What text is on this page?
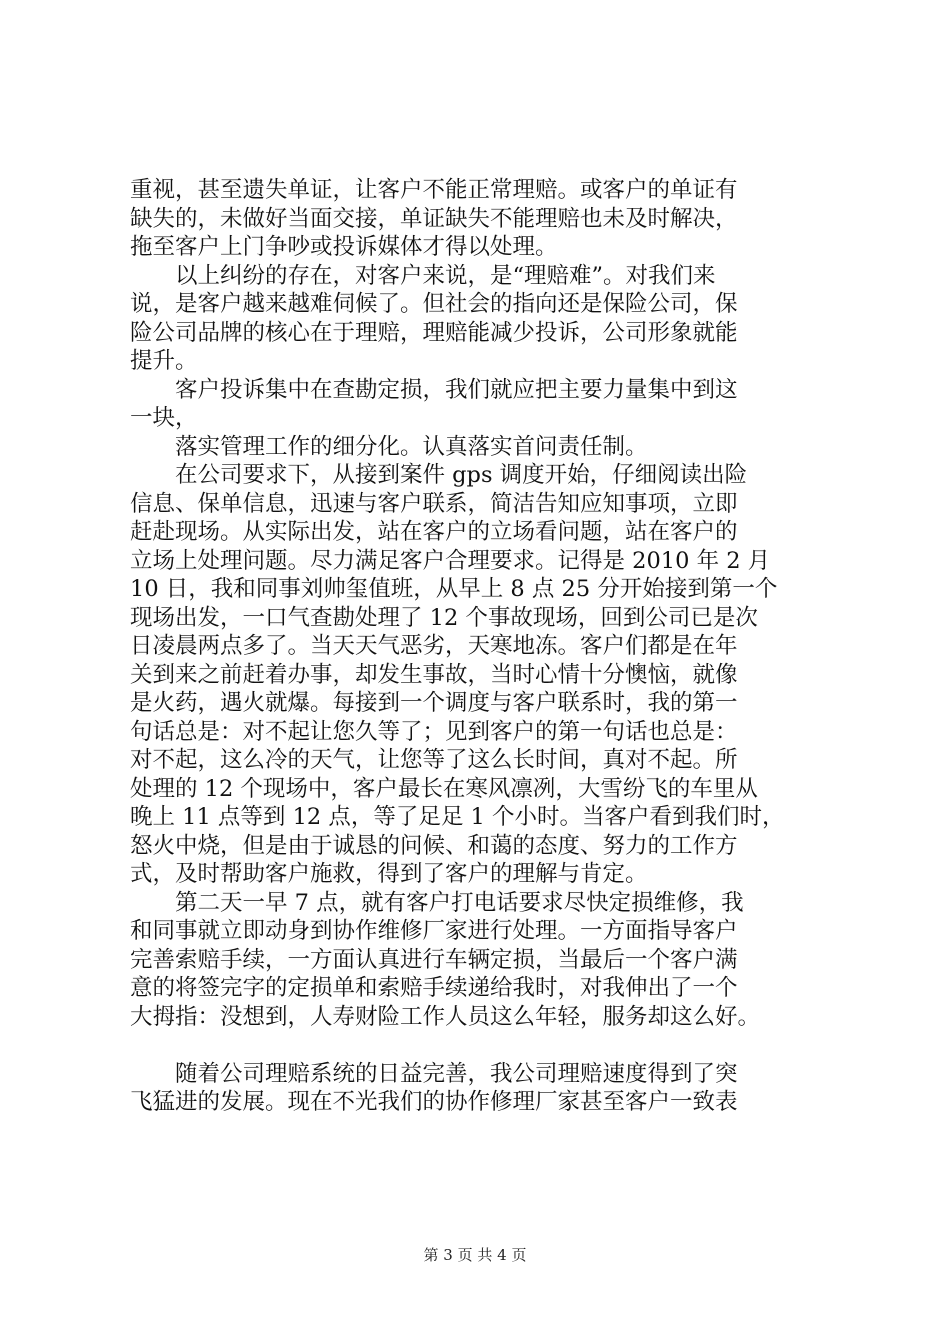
重视，甚至遗失单证，让客户不能正常理赔。或客户的单证有
缺失的，未做好当面交接，单证缺失不能理赔也未及时解决，
拖至客户上门争吵或投诉媒体才得以处理。
　　以上纠纷的存在，对客户来说，是“理赔难”。对我们来
说，是客户越来越难伺候了。但社会的指向还是保险公司，保
险公司品牌的核心在于理赔，理赔能减少投诉，公司形象就能
提升。
　　客户投诉集中在查勘定损，我们就应把主要力量集中到这
一块，
　　落实管理工作的细分化。认真落实首问责任制。
　　在公司要求下，从接到案件 gps 调度开始，仔细阅读出险
信息、保单信息，迅速与客户联系，简洁告知应知事项，立即
赶赴现场。从实际出发，站在客户的立场看问题，站在客户的
立场上处理问题。尽力满足客户合理要求。记得是 2010 年 2 月
10 日，我和同事刘帅玺值班，从早上 8 点 25 分开始接到第一个
现场出发，一口气查勘处理了 12 个事故现场，回到公司已是次
日凌晨两点多了。当天天气恶劣，天寒地冻。客户们都是在年
关到来之前赶着办事，却发生事故，当时心情十分懊恼，就像
是火药，遇火就爆。每接到一个调度与客户联系时，我的第一
句话总是：对不起让您久等了；见到客户的第一句话也总是：
对不起，这么冷的天气，让您等了这么长时间，真对不起。所
处理的 12 个现场中，客户最长在寒风凛冽，大雪纷飞的车里从
晚上 11 点等到 12 点，等了足足 1 个小时。当客户看到我们时，
怒火中烧，但是由于诚恳的问候、和蔼的态度、努力的工作方
式，及时帮助客户施救，得到了客户的理解与肯定。
　　第二天一早 7 点，就有客户打电话要求尽快定损维修，我
和同事就立即动身到协作维修厂家进行处理。一方面指导客户
完善索赔手续，一方面认真进行车辆定损，当最后一个客户满
意的将签完字的定损单和索赔手续递给我时，对我伸出了一个
大拇指：没想到，人寿财险工作人员这么年轻，服务却这么好。
　　随着公司理赔系统的日益完善，我公司理赔速度得到了突
飞猛进的发展。现在不光我们的协作修理厂家甚至客户一致表
第 3 页 共 4 页
